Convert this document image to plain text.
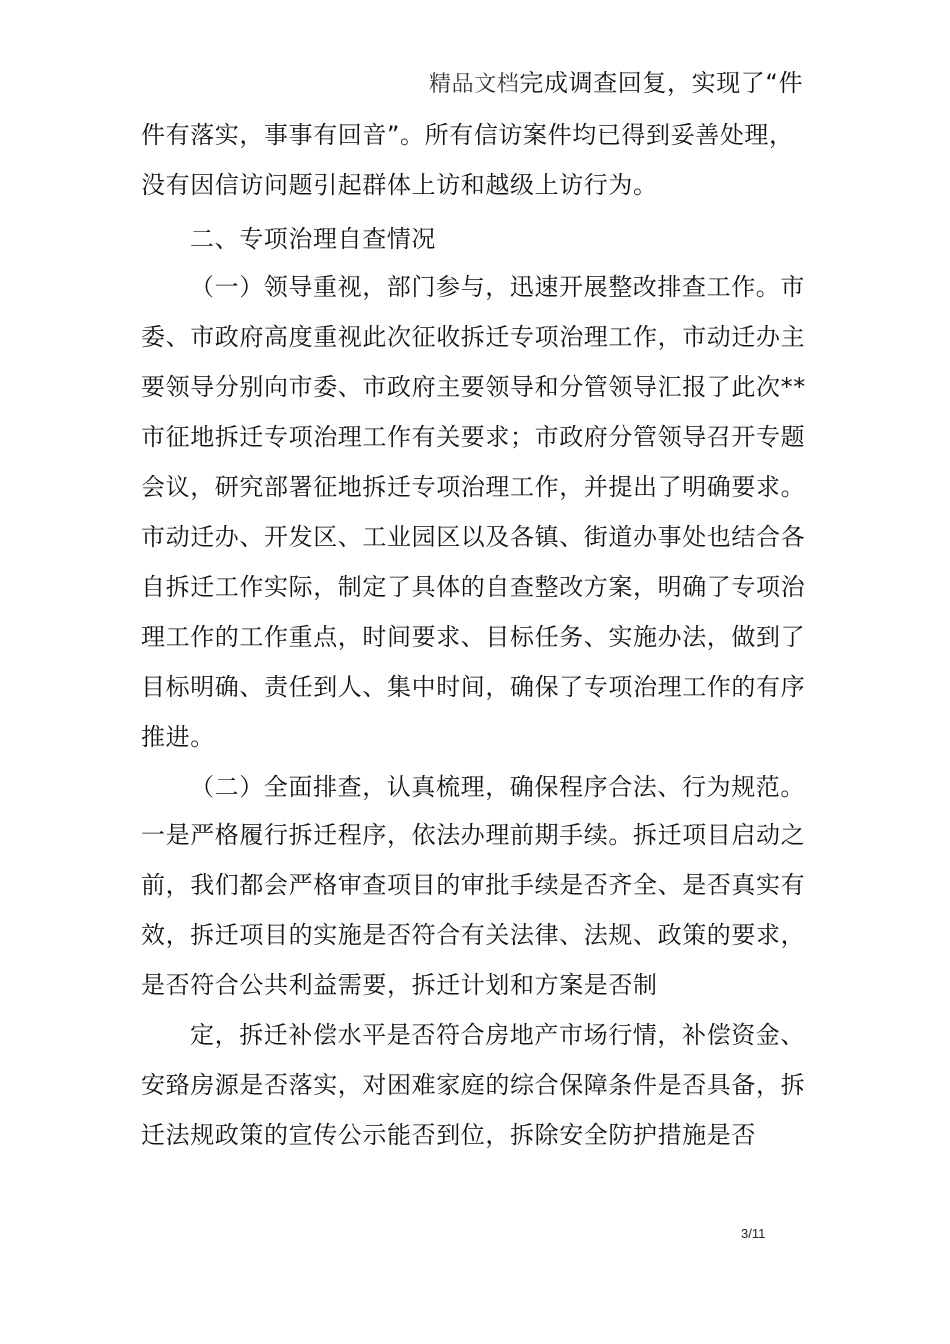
精品文档完成调查回复，实现了“件
件有落实，事事有回音”。所有信访案件均已得到妥善处理，
没有因信访问题引起群体上访和越级上访行为。
二、专项治理自查情况
（一）领导重视，部门参与，迅速开展整改排查工作。市
委、市政府高度重视此次征收拆迁专项治理工作，市动迁办主
要领导分别向市委、市政府主要领导和分管领导汇报了此次**
市征地拆迁专项治理工作有关要求；市政府分管领导召开专题
会议，研究部署征地拆迁专项治理工作，并提出了明确要求。
市动迁办、开发区、工业园区以及各镇、街道办事处也结合各
自拆迁工作实际，制定了具体的自查整改方案，明确了专项治
理工作的工作重点，时间要求、目标任务、实施办法，做到了
目标明确、责任到人、集中时间，确保了专项治理工作的有序
推进。
（二）全面排查，认真梳理，确保程序合法、行为规范。
一是严格履行拆迁程序，依法办理前期手续。拆迁项目启动之
前，我们都会严格审查项目的审批手续是否齐全、是否真实有
效，拆迁项目的实施是否符合有关法律、法规、政策的要求，
是否符合公共利益需要，拆迁计划和方案是否制
定，拆迁补偿水平是否符合房地产市场行情，补偿资金、
安臵房源是否落实，对困难家庭的综合保障条件是否具备，拆
迁法规政策的宣传公示能否到位，拆除安全防护措施是否
3/11
